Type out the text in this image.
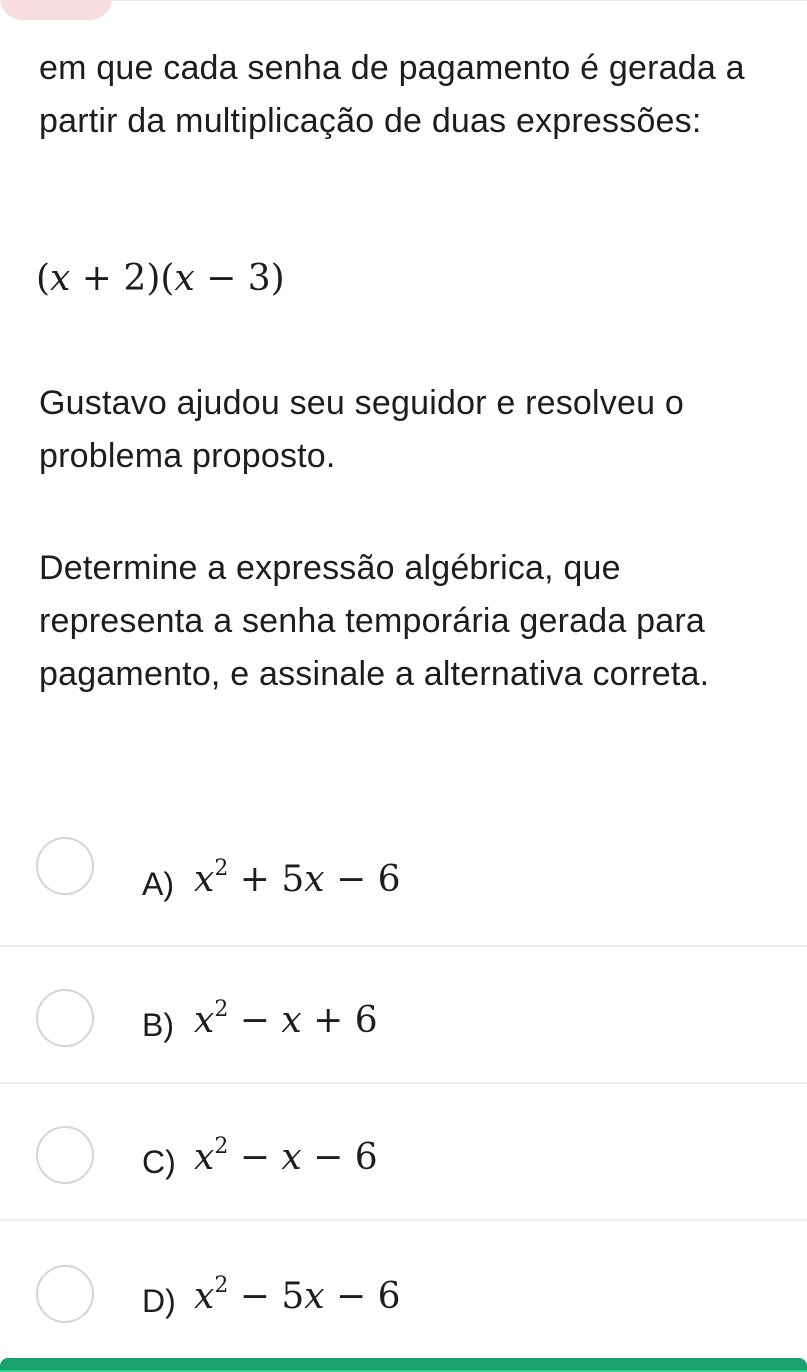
em que cada senha de pagamento é gerada a partir da multiplicação de duas expressões:

(x + 2)(x − 3)

Gustavo ajudou seu seguidor e resolveu o problema proposto.

Determine a expressão algébrica, que representa a senha temporária gerada para pagamento, e assinale a alternativa correta.

A) $x^2 + 5x - 6$
B) $x^2 - x + 6$
C) $x^2 - x - 6$
D) $x^2 - 5x - 6$
